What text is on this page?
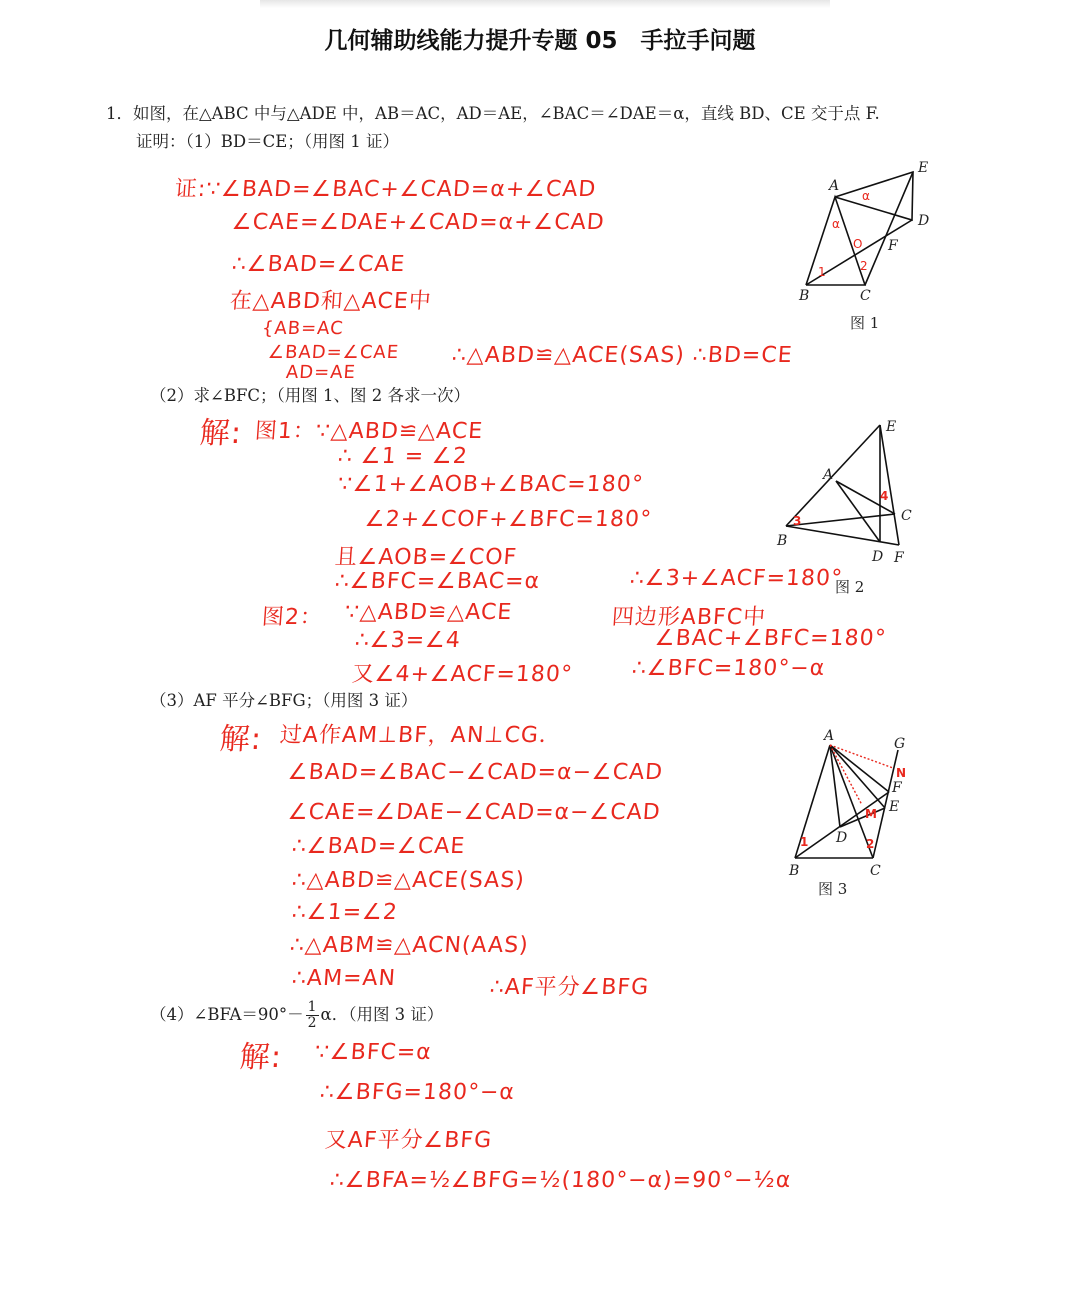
几何辅助线能力提升专题 05　手拉手问题
1．如图，在△ABC 中与△ADE 中，AB＝AC，AD＝AE，∠BAC＝∠DAE＝α，直线 BD、CE 交于点 F.
证明：（1）BD＝CE；（用图 1 证）
（2）求∠BFC；（用图 1、图 2 各求一次）
（3）AF 平分∠BFG；（用图 3 证）
（4）∠BFA＝90°－ $\frac{1}{2}$ α．（用图 3 证）
证:∵∠BAD=∠BAC+∠CAD=α+∠CAD
∠CAE=∠DAE+∠CAD=α+∠CAD
∴∠BAD=∠CAE
在△ABD和△ACE中
{AB=AC
∠BAD=∠CAE
AD=AE
∴△ABD≌△ACE(SAS) ∴BD=CE
解: 图1：∵△ABD≌△ACE
∴ ∠1 = ∠2
∵∠1+∠AOB+∠BAC=180°
∠2+∠COF+∠BFC=180°
且∠AOB=∠COF
∴∠BFC=∠BAC=α
图2： ∵△ABD≌△ACE
∴∠3=∠4
又∠4+∠ACF=180°
∴∠3+∠ACF=180°
四边形ABFC中
∠BAC+∠BFC=180°
∴∠BFC=180°−α
解: 过A作AM⊥BF，AN⊥CG．
∠BAD=∠BAC−∠CAD=α−∠CAD
∠CAE=∠DAE−∠CAD=α−∠CAD
∴∠BAD=∠CAE
∴△ABD≌△ACE(SAS)
∴∠1=∠2
∴△ABM≌△ACN(AAS)
∴AM=AN	∴AF平分∠BFG
解: ∵∠BFC=α
∴∠BFG=180°−α
又AF平分∠BFG
∴∠BFA=½∠BFG=½(180°−α)=90°−½α
A
E
D
F
B	C
α
α
1	2
O
A
E
B
C
D F
3
4
A	G
F
E
D
B	C
1	2
N
M
图 1
图 2
图 3
